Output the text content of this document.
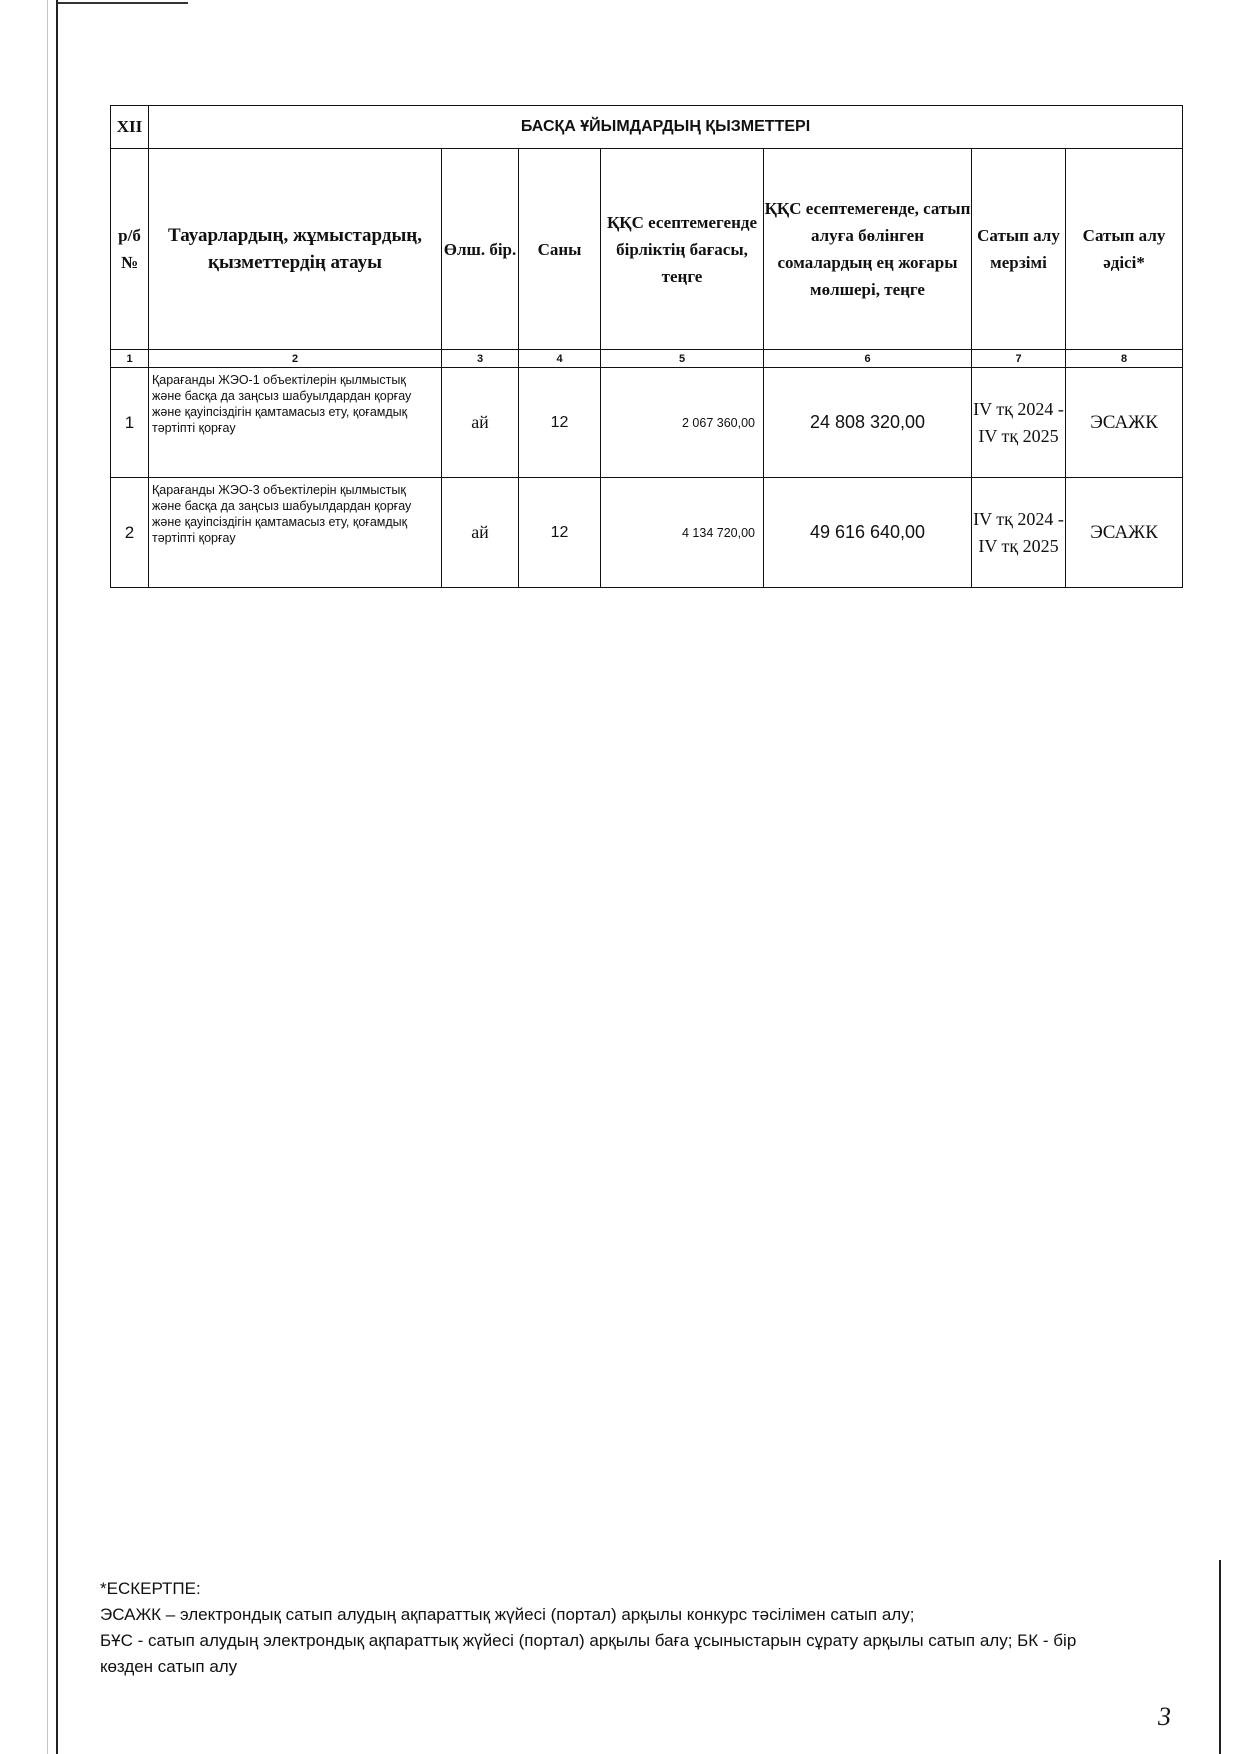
XII	БАСҚА ҰЙЫМДАРДЫҢ ҚЫЗМЕТТЕРІ						
р/б №	Тауарлардың, жұмыстардың, қызметтердің атауы	Өлш. бір.	Саны	ҚҚС есептемегенде бірліктің бағасы, теңге	ҚҚС есептемегенде, сатып алуға бөлінген сомалардың ең жоғары мөлшері, теңге	Сатып алу мерзімі	Сатып алу әдісі*
1	2	3	4	5	6	7	8
1	Қарағанды ЖЭО-1 объектілерін қылмыстық және басқа да заңсыз шабуылдардан қорғау және қауіпсіздігін қамтамасыз ету, қоғамдық тәртіпті қорғау	ай	12	2 067 360,00	24 808 320,00	IV тқ 2024 - IV тқ 2025	ЭСАЖК
2	Қарағанды ЖЭО-3 объектілерін қылмыстық және басқа да заңсыз шабуылдардан қорғау және қауіпсіздігін қамтамасыз ету, қоғамдық тәртіпті қорғау	ай	12	4 134 720,00	49 616 640,00	IV тқ 2024 - IV тқ 2025	ЭСАЖК

*ЕСКЕРТПЕ:

ЭСАЖК – электрондық сатып алудың ақпараттық жүйесі (портал) арқылы конкурс тәсілімен сатып алу;

БҰС - сатып алудың электрондық ақпараттық жүйесі (портал) арқылы баға ұсыныстарын сұрату арқылы сатып алу; БК - бір көзден сатып алу

3
